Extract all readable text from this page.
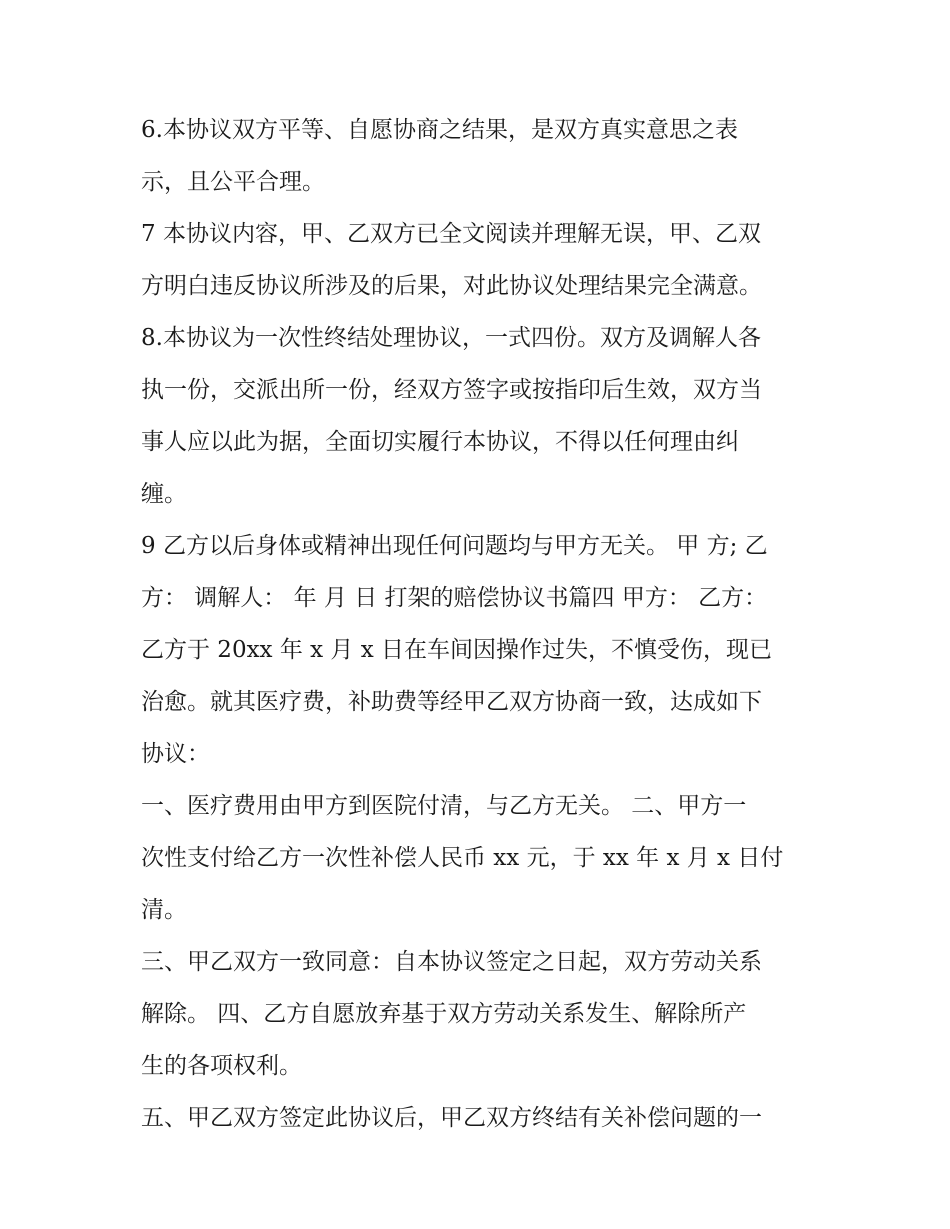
6.本协议双方平等、自愿协商之结果，是双方真实意思之表
示，且公平合理。
7 本协议内容，甲、乙双方已全文阅读并理解无误，甲、乙双
方明白违反协议所涉及的后果，对此协议处理结果完全满意。
8.本协议为一次性终结处理协议，一式四份。双方及调解人各
执一份，交派出所一份，经双方签字或按指印后生效，双方当
事人应以此为据，全面切实履行本协议，不得以任何理由纠
缠。
9 乙方以后身体或精神出现任何问题均与甲方无关。 甲 方; 乙
方： 调解人： 年 月 日 打架的赔偿协议书篇四 甲方： 乙方：
乙方于 20xx 年 x 月 x 日在车间因操作过失，不慎受伤，现已
治愈。就其医疗费，补助费等经甲乙双方协商一致，达成如下
协议：
一、医疗费用由甲方到医院付清，与乙方无关。 二、甲方一
次性支付给乙方一次性补偿人民币 xx 元，于 xx 年 x 月 x 日付
清。
三、甲乙双方一致同意：自本协议签定之日起，双方劳动关系
解除。 四、乙方自愿放弃基于双方劳动关系发生、解除所产
生的各项权利。
五、甲乙双方签定此协议后，甲乙双方终结有关补偿问题的一
